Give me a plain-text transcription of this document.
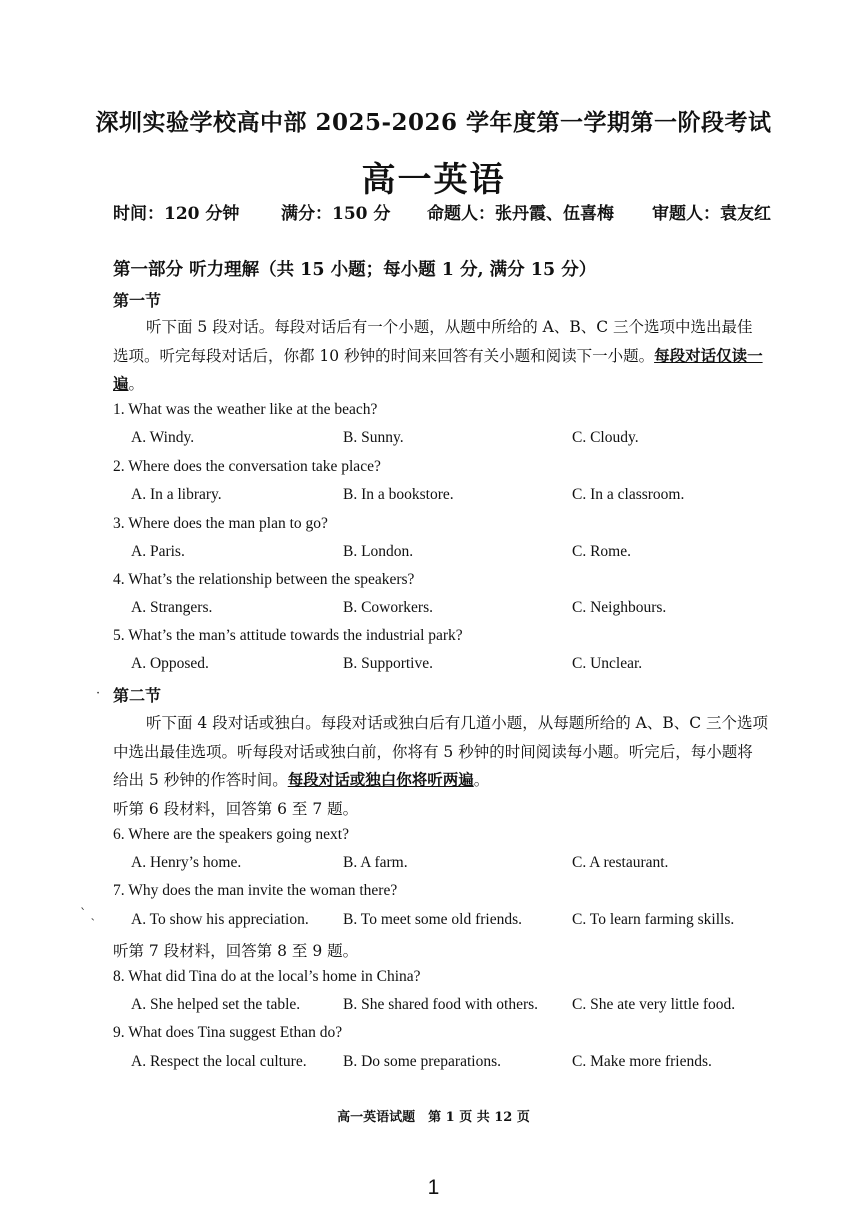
深圳实验学校高中部 2025-2026 学年度第一学期第一阶段考试
高一英语
时间：120 分钟 满分：150 分 命题人：张丹霞、伍喜梅 审题人：袁友红
第一部分 听力理解（共 15 小题；每小题 1 分, 满分 15 分）
第一节
听下面 5 段对话。每段对话后有一个小题，从题中所给的 A、B、C 三个选项中选出最佳
选项。听完每段对话后，你都 10 秒钟的时间来回答有关小题和阅读下一小题。每段对话仅读一
遍。
1. What was the weather like at the beach?
A. Windy.	B. Sunny.	C. Cloudy.
2. Where does the conversation take place?
A. In a library.	B. In a bookstore.	C. In a classroom.
3. Where does the man plan to go?
A. Paris.	B. London.	C. Rome.
4. What’s the relationship between the speakers?
A. Strangers.	B. Coworkers.	C. Neighbours.
5. What’s the man’s attitude towards the industrial park?
A. Opposed.	B. Supportive.	C. Unclear.
· 第二节
听下面 4 段对话或独白。每段对话或独白后有几道小题，从每题所给的 A、B、C 三个选项
中选出最佳选项。听每段对话或独白前，你将有 5 秒钟的时间阅读每小题。听完后，每小题将
给出 5 秒钟的作答时间。每段对话或独白你将听两遍。
听第 6 段材料，回答第 6 至 7 题。
6. Where are the speakers going next?
A. Henry’s home.	B. A farm.	C. A restaurant.
7. Why does the man invite the woman there?
ˋ ˏ A. To show his appreciation. B. To meet some old friends.	C. To learn farming skills.
听第 7 段材料，回答第 8 至 9 题。
8. What did Tina do at the local’s home in China?
A. She helped set the table.	B. She shared food with others. C. She ate very little food.
9. What does Tina suggest Ethan do?
A. Respect the local culture. B. Do some preparations.	C. Make more friends.
高一英语试题　第 1 页 共 12 页
1
